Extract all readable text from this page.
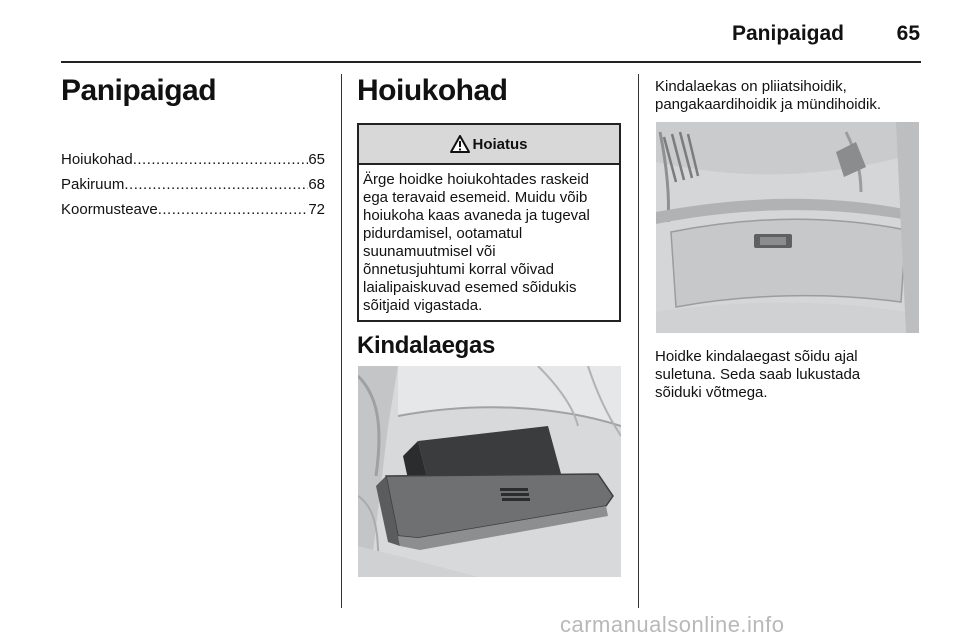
Panipaigad	65
Panipaigad
Hoiukohad .....	65
Pakiruum .....	68
Koormusteave .....	72
Hoiukohad
Hoiatus
Ärge hoidke hoiukohtades raskeid
ega teravaid esemeid. Muidu võib
hoiukoha kaas avaneda ja tugeval
pidurdamisel, ootamatul
suunamuutmisel või
õnnetusjuhtumi korral võivad
laialipaiskuvad esemed sõidukis
sõitjaid vigastada.
Kindalaegas
Kindalaekas on pliiatsihoidik,
pangakaardihoidik ja mündihoidik.
Hoidke kindalaegast sõidu ajal
suletuna. Seda saab lukustada
sõiduki võtmega.
carmanualsonline.info
